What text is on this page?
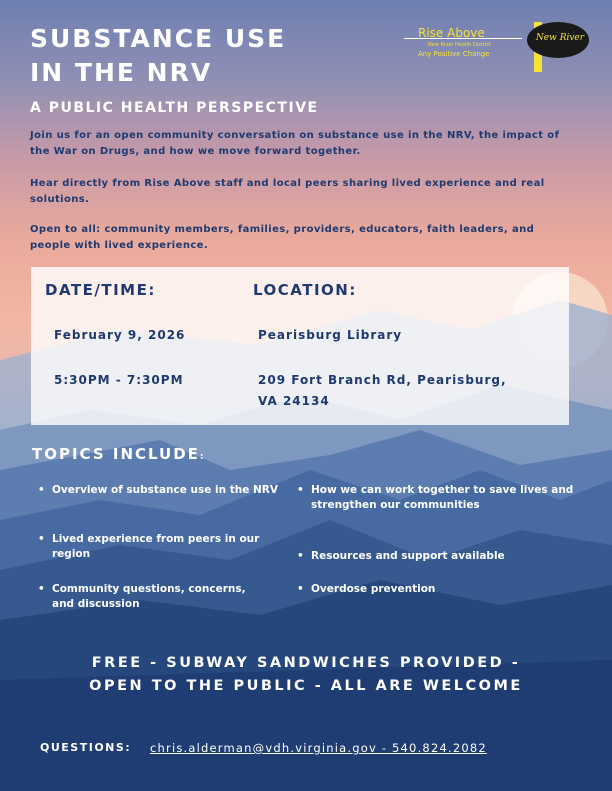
Rise Above
New River Health District
Any Positive Change
New River
SUBSTANCE USE
IN THE NRV
A PUBLIC HEALTH PERSPECTIVE
Join us for an open community conversation on substance use in the NRV, the impact of the War on Drugs, and how we move forward together.
Hear directly from Rise Above staff and local peers sharing lived experience and real solutions.
Open to all: community members, families, providers, educators, faith leaders, and people with lived experience.
DATE/TIME:	LOCATION:
February 9, 2026
5:30PM - 7:30PM
Pearisburg Library
209 Fort Branch Rd, Pearisburg,
VA 24134
TOPICS INCLUDE:
• Overview of substance use in the NRV
• Lived experience from peers in our region
• Community questions, concerns, and discussion
• How we can work together to save lives and strengthen our communities
• Resources and support available
• Overdose prevention
FREE - SUBWAY SANDWICHES PROVIDED -
OPEN TO THE PUBLIC - ALL ARE WELCOME
QUESTIONS: chris.alderman@vdh.virginia.gov - 540.824.2082
